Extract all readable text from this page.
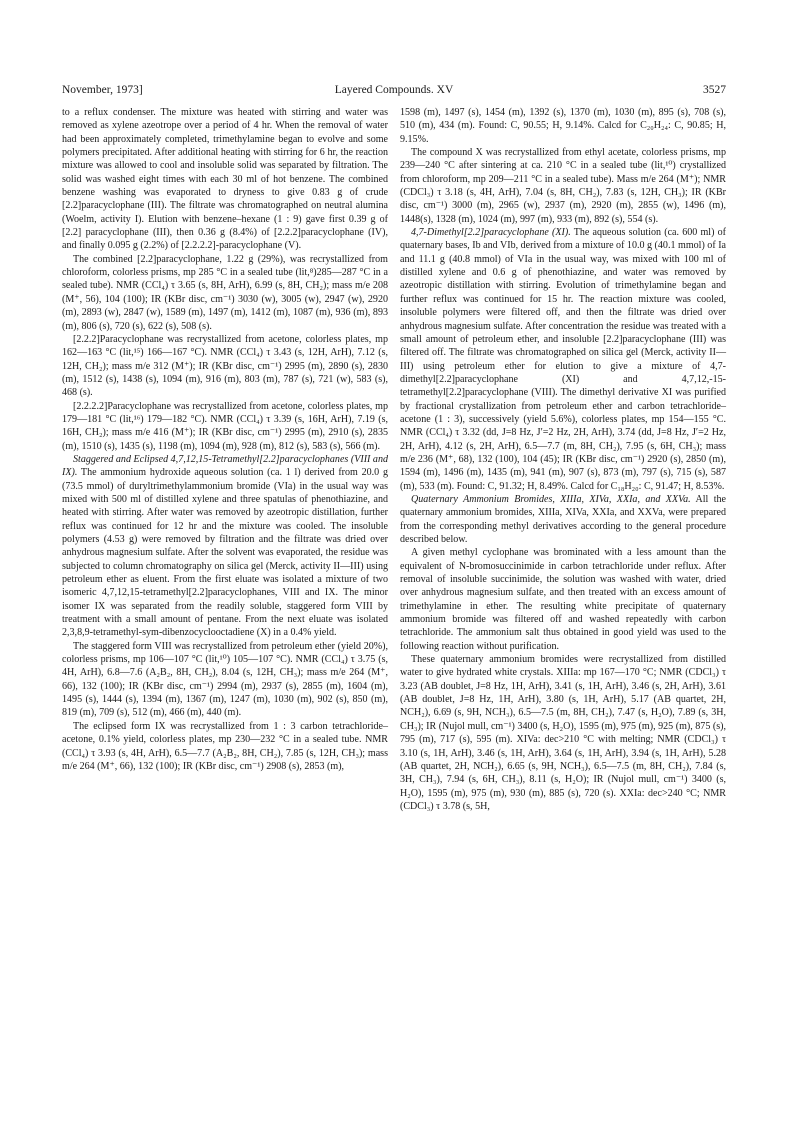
November, 1973]	Layered Compounds. XV	3527

to a reflux condenser. The mixture was heated with stirring and water was removed as xylene azeotrope over a period of 4 hr. When the removal of water had been approximately completed, trimethylamine began to evolve and some polymers precipitated. After additional heating with stirring for 6 hr, the reaction mixture was allowed to cool and insoluble solid was separated by filtration. The solid was washed eight times with each 30 ml of hot benzene. The combined benzene washing was evaporated to dryness to give 0.83 g of crude [2.2]paracyclophane (III). The filtrate was chromatographed on neutral alumina (Woelm, activity I). Elution with benzene–hexane (1 : 9) gave first 0.39 g of [2.2] paracyclophane (III), then 0.36 g (8.4%) of [2.2.2]paracyclophane (IV), and finally 0.095 g (2.2%) of [2.2.2.2]-paracyclophane (V).

The combined [2.2]paracyclophane, 1.22 g (29%), was recrystallized from chloroform, colorless prisms, mp 285 °C in a sealed tube (lit,⁸)285—287 °C in a sealed tube). NMR (CCl₄) τ 3.65 (s, 8H, ArH), 6.99 (s, 8H, CH₂); mass m/e 208 (M⁺, 56), 104 (100); IR (KBr disc, cm⁻¹) 3030 (w), 3005 (w), 2947 (w), 2920 (m), 2893 (w), 2847 (w), 1589 (m), 1497 (m), 1412 (m), 1087 (m), 936 (m), 893 (m), 806 (s), 720 (s), 622 (s), 508 (s).

[2.2.2]Paracyclophane was recrystallized from acetone, colorless plates, mp 162—163 °C (lit,¹⁵) 166—167 °C). NMR (CCl₄) τ 3.43 (s, 12H, ArH), 7.12 (s, 12H, CH₂); mass m/e 312 (M⁺); IR (KBr disc, cm⁻¹) 2995 (m), 2890 (s), 2830 (m), 1512 (s), 1438 (s), 1094 (m), 916 (m), 803 (m), 787 (s), 721 (w), 583 (s), 468 (s).

[2.2.2.2]Paracyclophane was recrystallized from acetone, colorless plates, mp 179—181 °C (lit,¹⁶) 179—182 °C). NMR (CCl₄) τ 3.39 (s, 16H, ArH), 7.19 (s, 16H, CH₂); mass m/e 416 (M⁺); IR (KBr disc, cm⁻¹) 2995 (m), 2910 (s), 2835 (m), 1510 (s), 1435 (s), 1198 (m), 1094 (m), 928 (m), 812 (s), 583 (s), 566 (m).

Staggered and Eclipsed 4,7,12,15-Tetramethyl[2.2]paracyclophanes (VIII and IX). The ammonium hydroxide aqueous solution (ca. 1 l) derived from 20.0 g (73.5 mmol) of duryltrimethylammonium bromide (VIa) in the usual way was mixed with 500 ml of distilled xylene and three spatulas of phenothiazine, and heated with stirring. After water was removed by azeotropic distillation, further reflux was continued for 12 hr and the mixture was cooled. The insoluble polymers (4.53 g) were removed by filtration and the filtrate was dried over anhydrous magnesium sulfate. After the solvent was evaporated, the residue was subjected to column chromatography on silica gel (Merck, activity II—III) using petroleum ether as eluent. From the first eluate was isolated a mixture of two isomeric 4,7,12,15-tetramethyl[2.2]paracyclophanes, VIII and IX. The minor isomer IX was separated from the readily soluble, staggered form VIII by treatment with a small amount of pentane. From the next eluate was isolated 2,3,8,9-tetramethyl-sym-dibenzocyclooctadiene (X) in a 0.4% yield.

The staggered form VIII was recrystallized from petroleum ether (yield 20%), colorless prisms, mp 106—107 °C (lit,¹⁰) 105—107 °C). NMR (CCl₄) τ 3.75 (s, 4H, ArH), 6.8—7.6 (A₂B₂, 8H, CH₂), 8.04 (s, 12H, CH₃); mass m/e 264 (M⁺, 66), 132 (100); IR (KBr disc, cm⁻¹) 2994 (m), 2937 (s), 2855 (m), 1604 (m), 1495 (s), 1444 (s), 1394 (m), 1367 (m), 1247 (m), 1030 (m), 902 (s), 850 (m), 819 (m), 709 (s), 512 (m), 466 (m), 440 (m).

The eclipsed form IX was recrystallized from 1 : 3 carbon tetrachloride–acetone, 0.1% yield, colorless plates, mp 230—232 °C in a sealed tube. NMR (CCl₄) τ 3.93 (s, 4H, ArH), 6.5—7.7 (A₂B₂, 8H, CH₂), 7.85 (s, 12H, CH₃); mass m/e 264 (M⁺, 66), 132 (100); IR (KBr disc, cm⁻¹) 2908 (s), 2853 (m),

1598 (m), 1497 (s), 1454 (m), 1392 (s), 1370 (m), 1030 (m), 895 (s), 708 (s), 510 (m), 434 (m). Found: C, 90.55; H, 9.14%. Calcd for C₂₀H₂₄: C, 90.85; H, 9.15%.

The compound X was recrystallized from ethyl acetate, colorless prisms, mp 239—240 °C after sintering at ca. 210 °C in a sealed tube (lit,¹⁰) crystallized from chloroform, mp 209—211 °C in a sealed tube). Mass m/e 264 (M⁺); NMR (CDCl₃) τ 3.18 (s, 4H, ArH), 7.04 (s, 8H, CH₂), 7.83 (s, 12H, CH₃); IR (KBr disc, cm⁻¹) 3000 (m), 2965 (w), 2937 (m), 2920 (m), 2855 (w), 1496 (m), 1448(s), 1328 (m), 1024 (m), 997 (m), 933 (m), 892 (s), 554 (s).

4,7-Dimethyl[2.2]paracyclophane (XI). The aqueous solution (ca. 600 ml) of quaternary bases, Ib and VIb, derived from a mixture of 10.0 g (40.1 mmol) of Ia and 11.1 g (40.8 mmol) of VIa in the usual way, was mixed with 100 ml of distilled xylene and 0.6 g of phenothiazine, and water was removed by azeotropic distillation with stirring. Evolution of trimethylamine began and further reflux was continued for 15 hr. The reaction mixture was cooled, insoluble polymers were filtered off, and then the filtrate was dried over anhydrous magnesium sulfate. After concentration the residue was treated with a small amount of petroleum ether, and insoluble [2.2]paracyclophane (III) was filtered off. The filtrate was chromatographed on silica gel (Merck, activity II—III) using petroleum ether for elution to give a mixture of 4,7-dimethyl[2.2]paracyclophane (XI) and 4,7,12,-15-tetramethyl[2.2]paracyclophane (VIII). The dimethyl derivative XI was purified by fractional crystallization from petroleum ether and carbon tetrachloride–acetone (1 : 3), successively (yield 5.6%), colorless plates, mp 154—155 °C. NMR (CCl₄) τ 3.32 (dd, J=8 Hz, J′=2 Hz, 2H, ArH), 3.74 (dd, J=8 Hz, J′=2 Hz, 2H, ArH), 4.12 (s, 2H, ArH), 6.5—7.7 (m, 8H, CH₂), 7.95 (s, 6H, CH₃); mass m/e 236 (M⁺, 68), 132 (100), 104 (45); IR (KBr disc, cm⁻¹) 2920 (s), 2850 (m), 1594 (m), 1496 (m), 1435 (m), 941 (m), 907 (s), 873 (m), 797 (s), 715 (s), 587 (m), 533 (m). Found: C, 91.32; H, 8.49%. Calcd for C₁₈H₂₀: C, 91.47; H, 8.53%.

Quaternary Ammonium Bromides, XIIIa, XIVa, XXIa, and XXVa. All the quaternary ammonium bromides, XIIIa, XIVa, XXIa, and XXVa, were prepared from the corresponding methyl derivatives according to the general procedure described below.

A given methyl cyclophane was brominated with a less amount than the equivalent of N-bromosuccinimide in carbon tetrachloride under reflux. After removal of insoluble succinimide, the solution was washed with water, dried over anhydrous magnesium sulfate, and then treated with an excess amount of trimethylamine in ether. The resulting white precipitate of quaternary ammonium bromide was filtered off and washed repeatedly with carbon tetrachloride. The ammonium salt thus obtained in good yield was used to the following reaction without purification.

These quaternary ammonium bromides were recrystallized from distilled water to give hydrated white crystals. XIIIa: mp 167—170 °C; NMR (CDCl₃) τ 3.23 (AB doublet, J=8 Hz, 1H, ArH), 3.41 (s, 1H, ArH), 3.46 (s, 2H, ArH), 3.61 (AB doublet, J=8 Hz, 1H, ArH), 3.80 (s, 1H, ArH), 5.17 (AB quartet, 2H, NCH₂), 6.69 (s, 9H, NCH₃), 6.5—7.5 (m, 8H, CH₂), 7.47 (s, H₂O), 7.89 (s, 3H, CH₃); IR (Nujol mull, cm⁻¹) 3400 (s, H₂O), 1595 (m), 975 (m), 925 (m), 875 (s), 795 (m), 717 (s), 595 (m). XIVa: dec>210 °C with melting; NMR (CDCl₃) τ 3.10 (s, 1H, ArH), 3.46 (s, 1H, ArH), 3.64 (s, 1H, ArH), 3.94 (s, 1H, ArH), 5.28 (AB quartet, 2H, NCH₂), 6.65 (s, 9H, NCH₃), 6.5—7.5 (m, 8H, CH₂), 7.84 (s, 3H, CH₃), 7.94 (s, 6H, CH₃), 8.11 (s, H₂O); IR (Nujol mull, cm⁻¹) 3400 (s, H₂O), 1595 (m), 975 (m), 930 (m), 885 (s), 720 (s). XXIa: dec>240 °C; NMR (CDCl₃) τ 3.78 (s, 5H,
